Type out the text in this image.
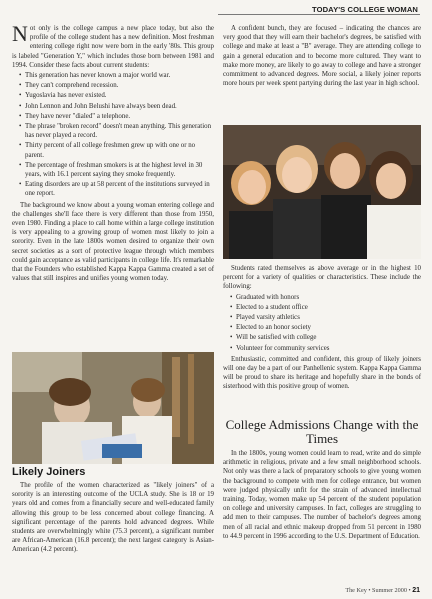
TODAY'S COLLEGE WOMAN

Not only is the college campus a new place today, but also the profile of the college student has a new definition. Most freshman entering college right now were born in the early '80s. This group is labeled "Generation Y," which includes those born between 1981 and 1994. Consider these facts about current students:

• This generation has never known a major world war.
• They can't comprehend recession.
• Yugoslavia has never existed.
• John Lennon and John Belushi have always been dead.
• They have never "dialed" a telephone.
• The phrase "broken record" doesn't mean anything. This generation has never played a record.
• Thirty percent of all college freshmen grew up with one or no parent.
• The percentage of freshman smokers is at the highest level in 30 years, with 16.1 percent saying they smoke frequently.
• Eating disorders are up at 58 percent of the institutions surveyed in one report.

The background we know about a young woman entering college and the challenges she'll face there is very different than those from 1950, even 1980. Finding a place to call home within a large college institution is very appealing to a growing group of women most likely to join a sorority. Even in the late 1800s women desired to organize their own secret societies as a sort of protective league through which members could gain acceptance as valid participants in college life. It's remarkable that the Founders who established Kappa Kappa Gamma created a set of values that still inspires and unifies young women today.

Likely Joiners

The profile of the women characterized as "likely joiners" of a sorority is an interesting outcome of the UCLA study. She is 18 or 19 years old and comes from a financially secure and well-educated family allowing this group to be less concerned about college financing. A significant percentage of the parents hold advanced degrees. While students are overwhelmingly white (75.3 percent), a significant number are African-American (16.8 percent); the next largest category is Asian-American (4.2 percent).

A confident bunch, they are focused – indicating the chances are very good that they will earn their bachelor's degrees, be satisfied with college and make at least a "B" average. They are attending college to gain a general education and to become more cultured. They want to make more money, are likely to go away to college and have a stronger commitment to advanced degrees. More social, a likely joiner reports more hours per week spent partying during the last year in high school.

Students rated themselves as above average or in the highest 10 percent for a variety of qualities or characteristics. These include the following:

• Graduated with honors
• Elected to a student office
• Played varsity athletics
• Elected to an honor society
• Will be satisfied with college
• Volunteer for community services

Enthusiastic, committed and confident, this group of likely joiners will one day be a part of our Panhellenic system. Kappa Kappa Gamma will be proud to share its heritage and hopefully share in the bonds of sisterhood with this positive group of women.

College Admissions Change with the Times

In the 1800s, young women could learn to read, write and do simple arithmetic in religious, private and a few small neighborhood schools. Not only was there a lack of preparatory schools to give young women the background to compete with men for college entrance, but women were judged physically unfit for the strain of advanced intellectual training. Today, women make up 54 percent of the student population on college and university campuses. In fact, colleges are struggling to add men to their campuses. The number of bachelor's degrees among men of all racial and ethnic makeup dropped from 51 percent in 1980 to 44.9 percent in 1996 according to the U.S. Department of Education.

The Key • Summer 2000 • 21
